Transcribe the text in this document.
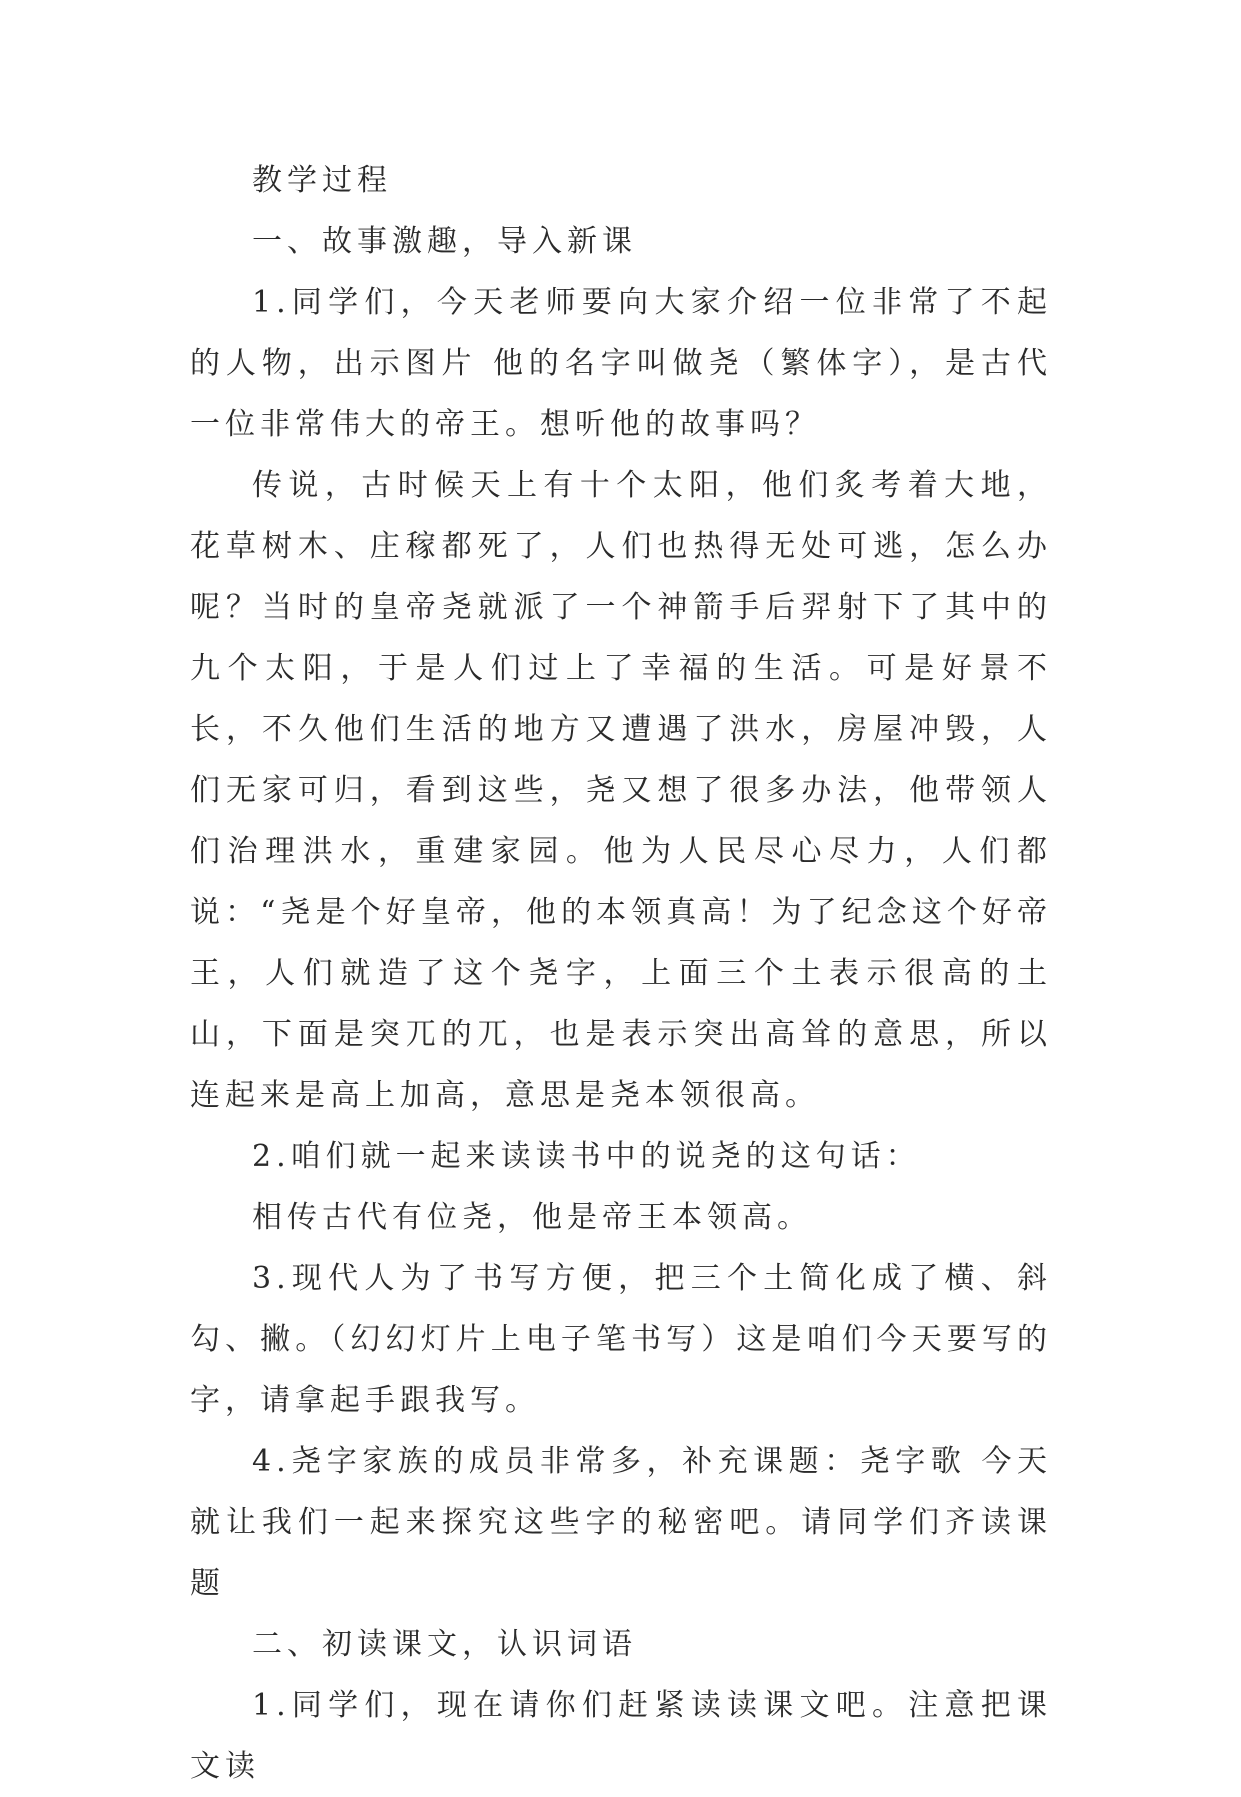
教学过程

一、故事激趣，导入新课

1.同学们，今天老师要向大家介绍一位非常了不起的人物，出示图片 他的名字叫做尧（繁体字），是古代一位非常伟大的帝王。想听他的故事吗？

传说，古时候天上有十个太阳，他们炙考着大地，花草树木、庄稼都死了，人们也热得无处可逃，怎么办呢？当时的皇帝尧就派了一个神箭手后羿射下了其中的九个太阳，于是人们过上了幸福的生活。可是好景不长，不久他们生活的地方又遭遇了洪水，房屋冲毁，人们无家可归，看到这些，尧又想了很多办法，他带领人们治理洪水，重建家园。他为人民尽心尽力，人们都说：“尧是个好皇帝，他的本领真高！为了纪念这个好帝王，人们就造了这个尧字，上面三个土表示很高的土山，下面是突兀的兀，也是表示突出高耸的意思，所以连起来是高上加高，意思是尧本领很高。

2.咱们就一起来读读书中的说尧的这句话：

相传古代有位尧，他是帝王本领高。

3.现代人为了书写方便，把三个土简化成了横、斜勾、撇。（幻幻灯片上电子笔书写）这是咱们今天要写的字，请拿起手跟我写。

4.尧字家族的成员非常多，补充课题：尧字歌 今天就让我们一起来探究这些字的秘密吧。请同学们齐读课题

二、初读课文，认识词语

1.同学们，现在请你们赶紧读读课文吧。注意把课文读
